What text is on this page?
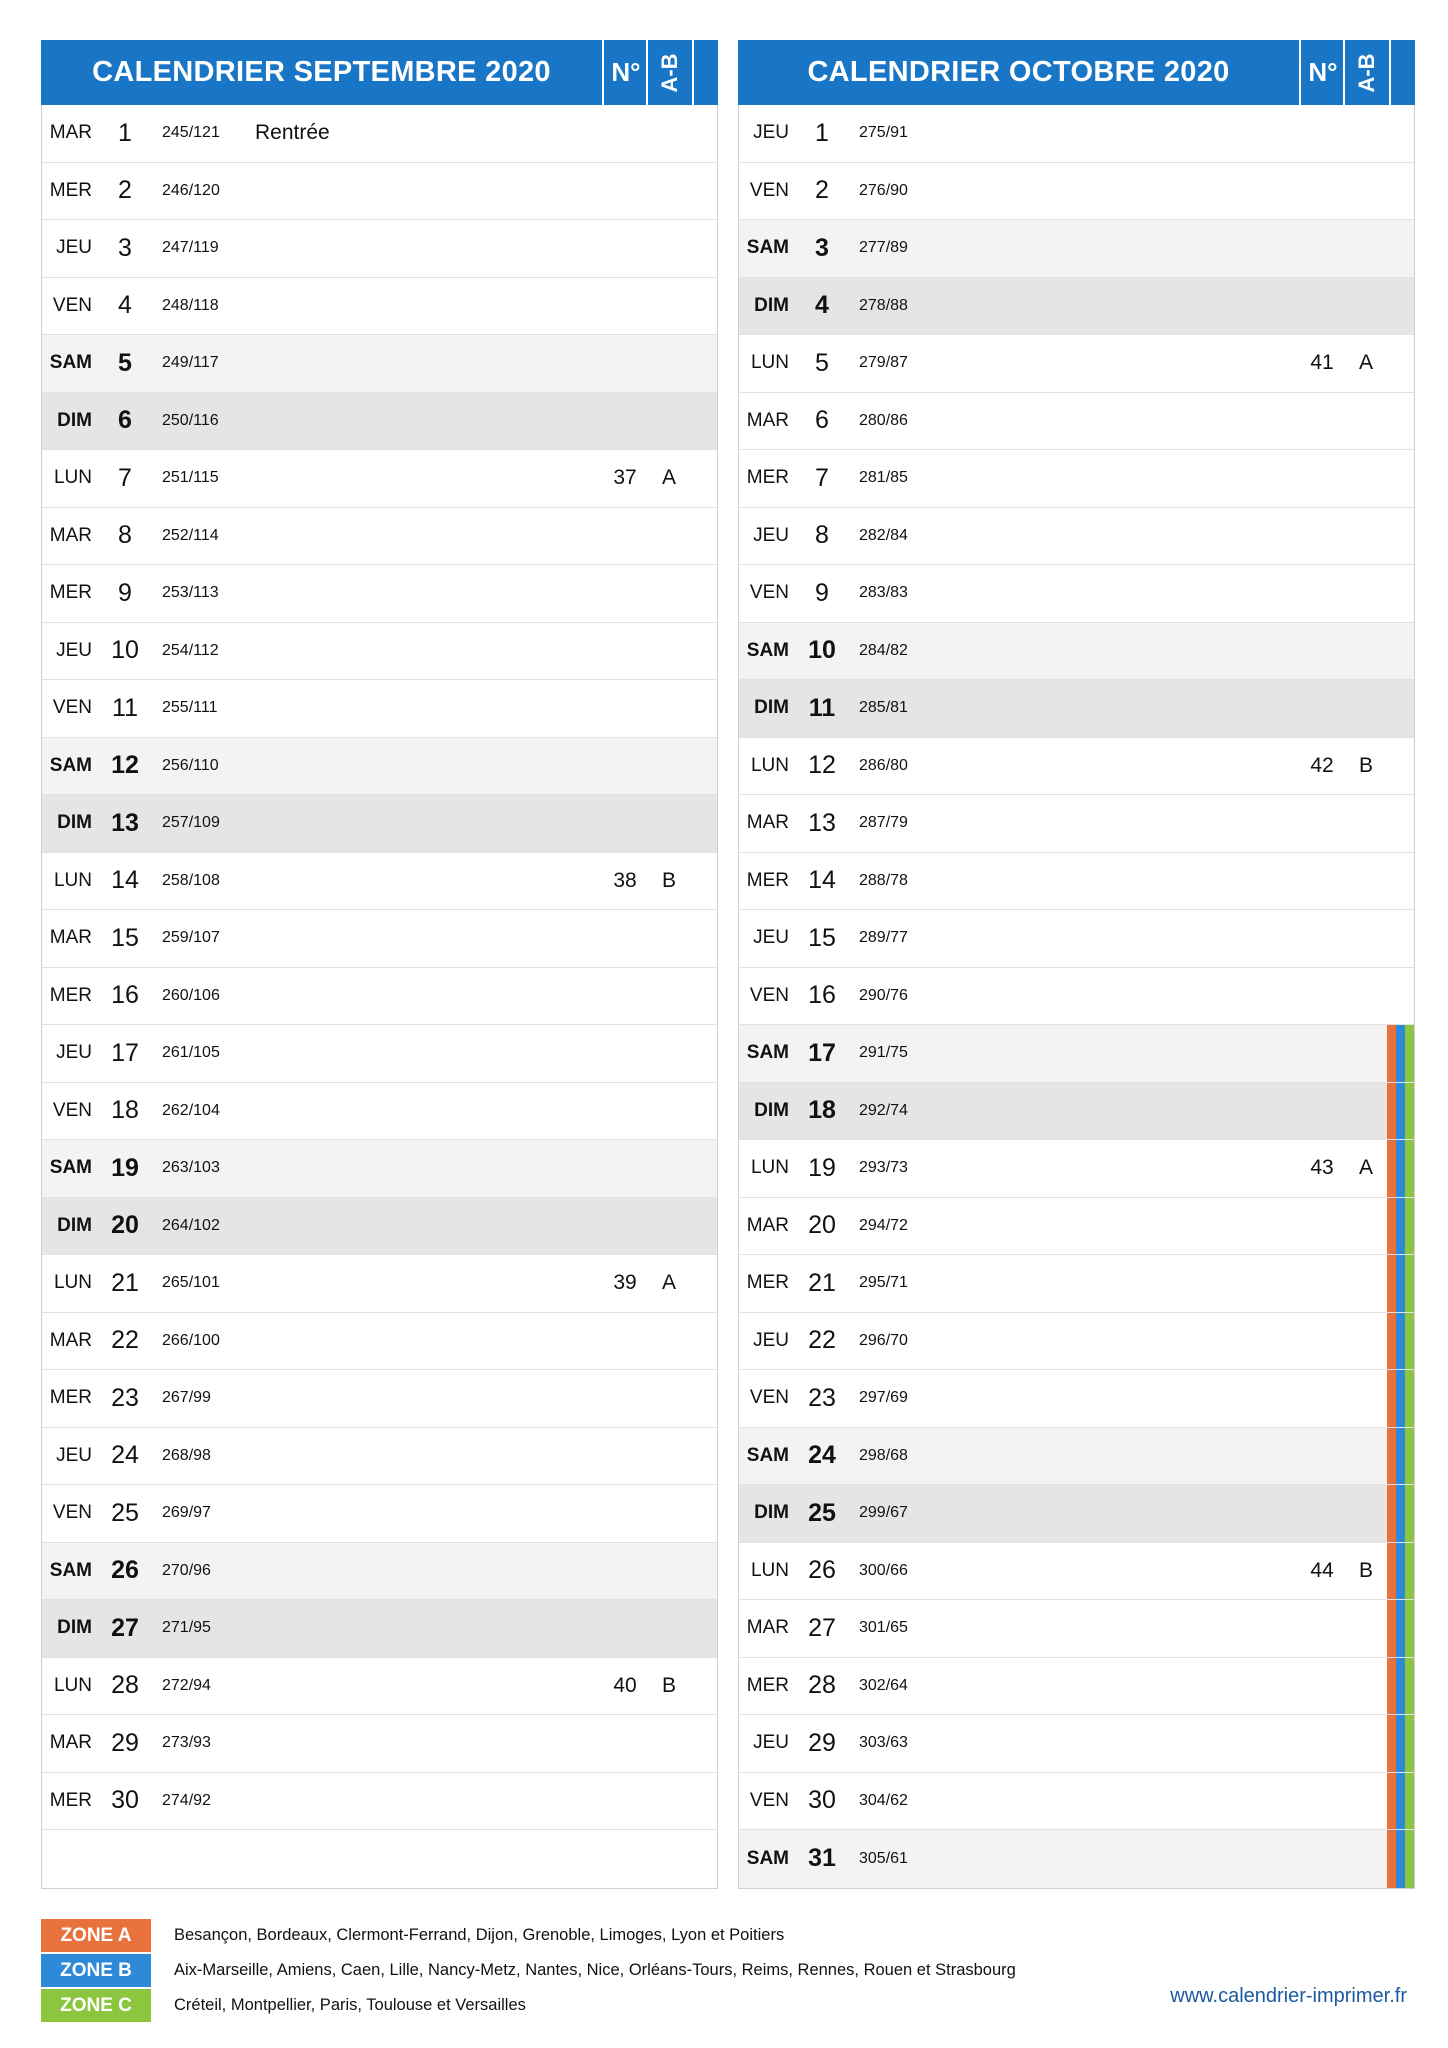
CALENDRIER SEPTEMBRE 2020	N° A-B
MAR	1	245/121 Rentrée
MER	2	246/120
JEU	3	247/119
VEN	4	248/118
SAM	5	249/117
DIM	6	250/116
LUN	7	251/115	37	A
MAR	8	252/114
MER	9	253/113
JEU 10	254/112
VEN 11	255/111
SAM 12	256/110
DIM 13	257/109
LUN 14	258/108	38	B
MAR 15	259/107
MER 16	260/106
JEU 17	261/105
VEN 18	262/104
SAM 19	263/103
DIM 20	264/102
LUN 21	265/101	39	A
MAR 22	266/100
MER 23	267/99
JEU 24	268/98
VEN 25	269/97
SAM 26	270/96
DIM 27	271/95
LUN 28	272/94	40	B
MAR 29	273/93
MER 30	274/92
CALENDRIER OCTOBRE 2020	N° A-B
JEU	1	275/91
VEN	2	276/90
SAM	3	277/89
DIM	4	278/88
LUN	5	279/87	41	A
MAR	6	280/86
MER	7	281/85
JEU	8	282/84
VEN	9	283/83
SAM 10	284/82
DIM 11	285/81
LUN 12	286/80	42	B
MAR 13	287/79
MER 14	288/78
JEU 15	289/77
VEN 16	290/76
SAM 17	291/75
DIM 18	292/74
LUN 19	293/73	43	A
MAR 20	294/72
MER 21	295/71
JEU 22	296/70
VEN 23	297/69
SAM 24	298/68
DIM 25	299/67
LUN 26	300/66	44	B
MAR 27	301/65
MER 28	302/64
JEU 29	303/63
VEN 30	304/62
SAM 31	305/61
ZONE A	Besançon, Bordeaux, Clermont-Ferrand, Dijon, Grenoble, Limoges, Lyon et Poitiers
ZONE B	Aix-Marseille, Amiens, Caen, Lille, Nancy-Metz, Nantes, Nice, Orléans-Tours, Reims, Rennes, Rouen et Strasbourg
ZONE C	Créteil, Montpellier, Paris, Toulouse et Versailles	www.calendrier-imprimer.fr
